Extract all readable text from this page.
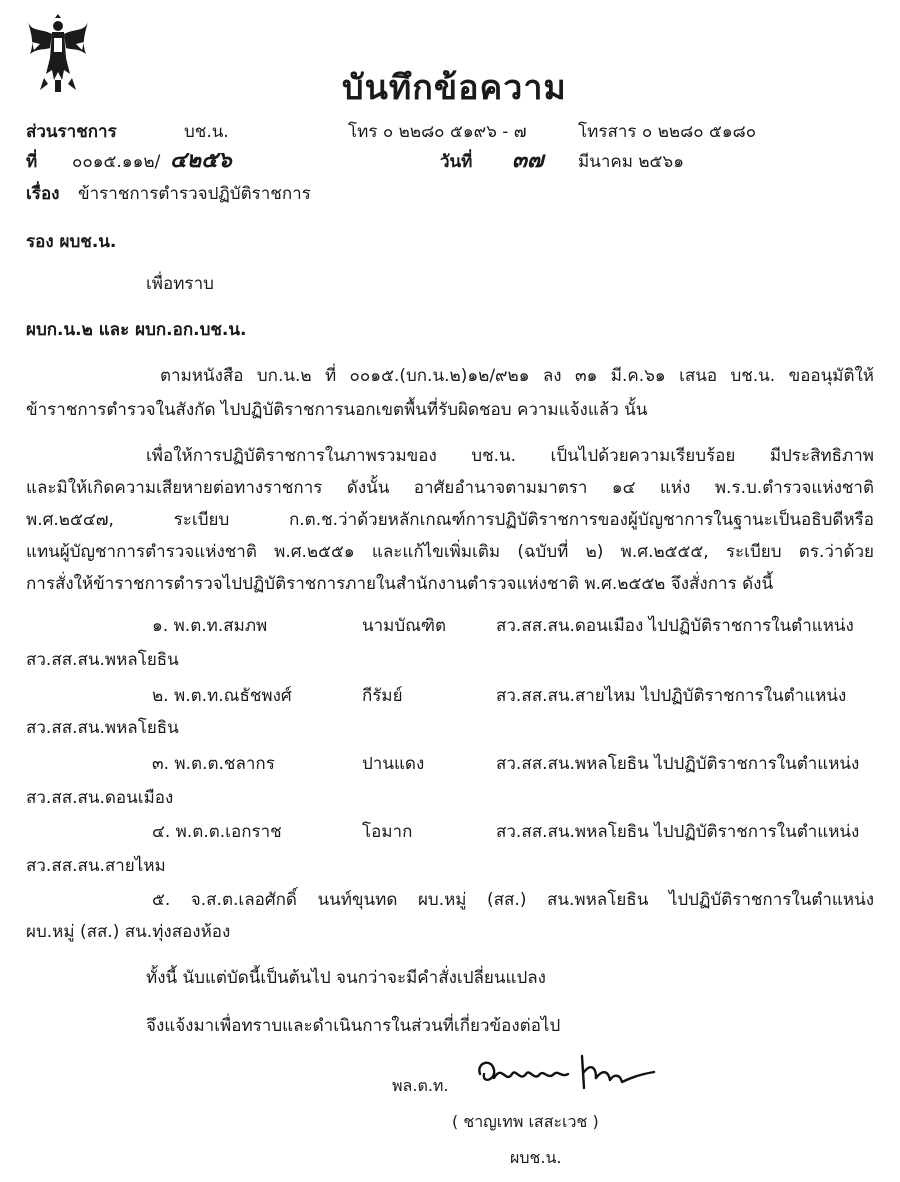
บันทึกข้อความ
ส่วนราชการ	บช.น.	โทร ๐ ๒๒๘๐ ๕๑๙๖ - ๗	โทรสาร ๐ ๒๒๘๐ ๕๑๘๐
ที่ ๐๐๑๕.๑๑๒/ ๔๒๕๖	วันที่ ๓๗ มีนาคม ๒๕๖๑
เรื่อง ข้าราชการตำรวจปฏิบัติราชการ
รอง ผบช.น.
เพื่อทราบ
ผบก.น.๒ และ ผบก.อก.บช.น.
ตามหนังสือ บก.น.๒ ที่ ๐๐๑๕.(บก.น.๒)๑๒/๙๒๑ ลง ๓๑ มี.ค.๖๑ เสนอ บช.น. ขออนุมัติให้
ข้าราชการตำรวจในสังกัด ไปปฏิบัติราชการนอกเขตพื้นที่รับผิดชอบ ความแจ้งแล้ว นั้น
เพื่อให้การปฏิบัติราชการในภาพรวมของ บช.น. เป็นไปด้วยความเรียบร้อย มีประสิทธิภาพ
และมิให้เกิดความเสียหายต่อทางราชการ ดังนั้น อาศัยอำนาจตามมาตรา ๑๔ แห่ง พ.ร.บ.ตำรวจแห่งชาติ
พ.ศ.๒๕๔๗, ระเบียบ ก.ต.ช.ว่าด้วยหลักเกณฑ์การปฏิบัติราชการของผู้บัญชาการในฐานะเป็นอธิบดีหรือ
แทนผู้บัญชาการตำรวจแห่งชาติ พ.ศ.๒๕๕๑ และแก้ไขเพิ่มเติม (ฉบับที่ ๒) พ.ศ.๒๕๕๕, ระเบียบ ตร.ว่าด้วย
การสั่งให้ข้าราชการตำรวจไปปฏิบัติราชการภายในสำนักงานตำรวจแห่งชาติ พ.ศ.๒๕๕๒ จึงสั่งการ ดังนี้
๑. พ.ต.ท.สมภพ	นามบัณฑิต	สว.สส.สน.ดอนเมือง ไปปฏิบัติราชการในตำแหน่ง
สว.สส.สน.พหลโยธิน
๒. พ.ต.ท.ณธัชพงศ์	กีรัมย์	สว.สส.สน.สายไหม ไปปฏิบัติราชการในตำแหน่ง
สว.สส.สน.พหลโยธิน
๓. พ.ต.ต.ชลากร	ปานแดง	สว.สส.สน.พหลโยธิน ไปปฏิบัติราชการในตำแหน่ง
สว.สส.สน.ดอนเมือง
๔. พ.ต.ต.เอกราช	โอมาก	สว.สส.สน.พหลโยธิน ไปปฏิบัติราชการในตำแหน่ง
สว.สส.สน.สายไหม
๕. จ.ส.ต.เลอศักดิ์ นนท์ขุนทด ผบ.หมู่ (สส.) สน.พหลโยธิน ไปปฏิบัติราชการในตำแหน่ง
ผบ.หมู่ (สส.) สน.ทุ่งสองห้อง
ทั้งนี้ นับแต่บัดนี้เป็นต้นไป จนกว่าจะมีคำสั่งเปลี่ยนแปลง
จึงแจ้งมาเพื่อทราบและดำเนินการในส่วนที่เกี่ยวข้องต่อไป
พล.ต.ท.
( ชาญเทพ เสสะเวช )
ผบช.น.
